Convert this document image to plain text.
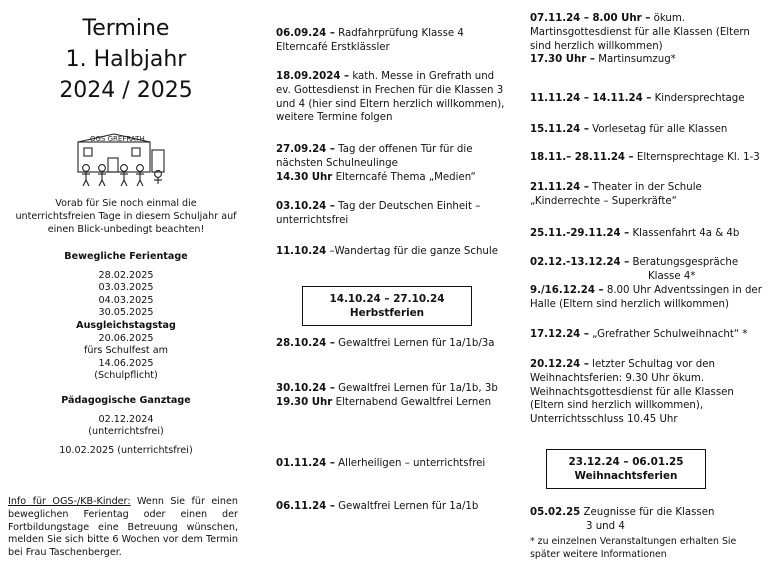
Termine
1. Halbjahr
2024 / 2025
OGS GREFRATH
Vorab für Sie noch einmal die unterrichtsfreien Tage in diesem Schuljahr auf einen Blick-unbedingt beachten!
Bewegliche Ferientage
28.02.2025
03.03.2025
04.03.2025
30.05.2025
Ausgleichstagstag
20.06.2025
fürs Schulfest am
14.06.2025
(Schulpflicht)
Pädagogische Ganztage
02.12.2024
(unterrichtsfrei)
10.02.2025 (unterrichtsfrei)
Info für OGS-/KB-Kinder: Wenn Sie für einen beweglichen Ferientag oder einen der Fortbildungstage eine Betreuung wünschen, melden Sie sich bitte 6 Wochen vor dem Termin bei Frau Taschenberger.
06.09.24 – Radfahrprüfung Klasse 4 Elterncafé Erstklässler
18.09.2024 – kath. Messe in Grefrath und ev. Gottesdienst in Frechen für die Klassen 3 und 4 (hier sind Eltern herzlich willkommen), weitere Termine folgen
27.09.24 – Tag der offenen Tür für die nächsten Schulneulinge
14.30 Uhr Elterncafé Thema „Medien“
03.10.24 – Tag der Deutschen Einheit – unterrichtsfrei
11.10.24 –Wandertag für die ganze Schule
14.10.24 – 27.10.24
Herbstferien
28.10.24 – Gewaltfrei Lernen für 1a/1b/3a
30.10.24 – Gewaltfrei Lernen für 1a/1b, 3b
19.30 Uhr Elternabend Gewaltfrei Lernen
01.11.24 – Allerheiligen – unterrichtsfrei
06.11.24 – Gewaltfrei Lernen für 1a/1b
07.11.24 – 8.00 Uhr – ökum. Martinsgottesdienst für alle Klassen (Eltern sind herzlich willkommen)
17.30 Uhr – Martinsumzug*
11.11.24 – 14.11.24 – Kindersprechtage
15.11.24 – Vorlesetag für alle Klassen
18.11.– 28.11.24 – Elternsprechtage Kl. 1-3
21.11.24 – Theater in der Schule „Kinderrechte – Superkräfte“
25.11.-29.11.24 – Klassenfahrt 4a & 4b
02.12.-13.12.24 – Beratungsgespräche
Klasse 4*
9./16.12.24 – 8.00 Uhr Adventssingen in der Halle (Eltern sind herzlich willkommen)
17.12.24 – „Grefrather Schulweihnacht“ *
20.12.24 – letzter Schultag vor den Weihnachtsferien: 9.30 Uhr ökum. Weihnachtsgottesdienst für alle Klassen (Eltern sind herzlich willkommen), Unterrichtsschluss 10.45 Uhr
23.12.24 – 06.01.25
Weihnachtsferien
05.02.25 Zeugnisse für die Klassen
3 und 4
* zu einzelnen Veranstaltungen erhalten Sie später weitere Informationen
